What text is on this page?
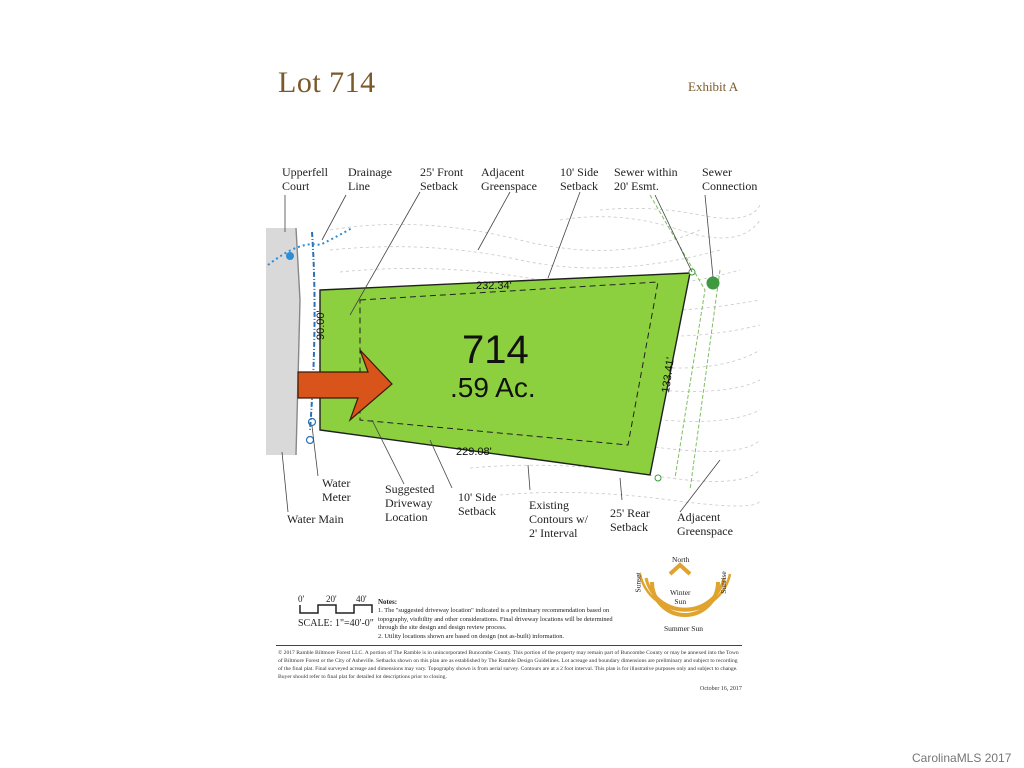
Lot 714	Exhibit A
714
.59 Ac.
232.34'
90.00'
133.41'
229.08'
Upperfell
Court
Drainage
Line
25' Front
Setback
Adjacent
Greenspace
10' Side
Setback
Sewer within
20' Esmt.
Sewer
Connection
Water
Meter
Suggested
Driveway
Location
10' Side
Setback	Existing
Contours w/
2' Interval
25' Rear
Setback
Adjacent
Greenspace
Water Main
0' 20' 40'
SCALE: 1"=40'-0"
Notes:
1. The "suggested driveway location" indicated is a preliminary recommendation based on topography, visibility and other considerations. Final driveway locations will be determined through the site design and design review process.
2. Utility locations shown are based on design (not as-built) information.
North
Sunset	Sunrise
Winter
Sun
Summer Sun
© 2017 Ramble Biltmore Forest LLC. A portion of The Ramble is in unincorporated Buncombe County. This portion of the property may remain part of Buncombe County or may be annexed into the Town of Biltmore Forest or the City of Asheville. Setbacks shown on this plan are as established by The Ramble Design Guidelines. Lot acreage and boundary dimensions are preliminary and subject to recording of the final plat. Final surveyed acreage and dimensions may vary. Topography shown is from aerial survey. Contours are at a 2 foot interval. This plan is for illustrative purposes only and subject to change. Buyer should refer to final plat for detailed lot descriptions prior to closing.
October 16, 2017
CarolinaMLS 2017
